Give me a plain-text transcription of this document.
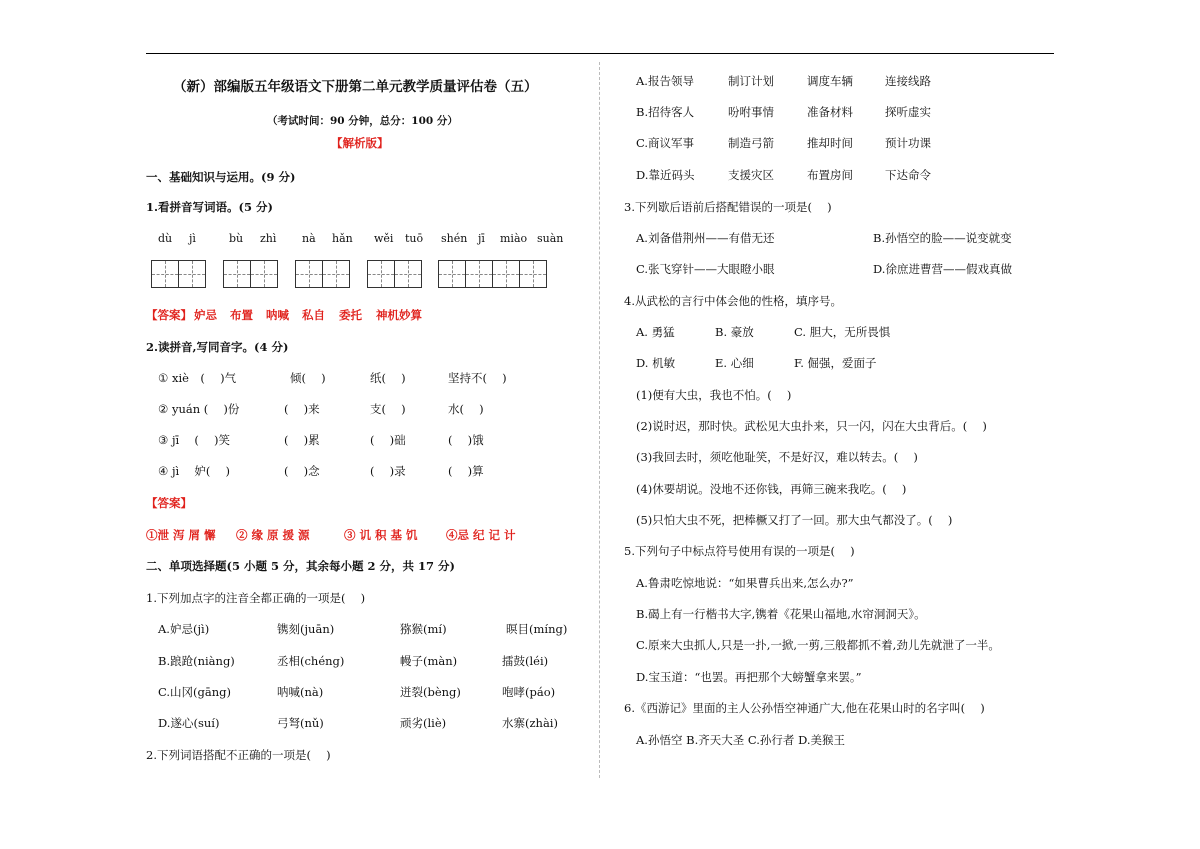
（新）部编版五年级语文下册第二单元教学质量评估卷（五）
（考试时间：90 分钟，总分：100 分）
【解析版】
一、基础知识与运用。(9 分)
1.看拼音写词语。(5 分)
dù jì	bù zhì nà hǎn wěi tuō shén jī miào suàn
【答案】 妒忌 布置 呐喊 私自 委托 神机妙算
2.读拼音,写同音字。(4 分)
① xiè　(　 )气	倾(　 )	纸(　 )	坚持不(　 )
② yuán (　 )份	(　 )来	支(　 )	水(　 )
③ jī　 (　 )笑	(　 )累	(　 )础	(　 )饿
④ jì　 妒(　 )	(　 )念	(　 )录	(　 )算
【答案】
①泄 泻 屑 懈 ② 缘 原 援 源	③ 讥 积 基 饥 ④忌 纪 记 计
二、单项选择题(5 小题 5 分，其余每小题 2 分，共 17 分)
1.下列加点字的注音全都正确的一项是(　 )
A.妒忌(jì)	镌刻(juān)	猕猴(mí)	暝目(míng)
B.踉跄(niàng)	丞相(chéng)	幔子(màn)	擂鼓(léi)
C.山冈(gāng)	呐喊(nà)	迸裂(bèng)	咆哮(páo)
D.遂心(suí)	弓弩(nǔ)	顽劣(liè)	水寨(zhài)
2.下列词语搭配不正确的一项是(　 )
A.报告领导	制订计划	调度车辆	连接线路
B.招待客人	吩咐事情	准备材料	探听虚实
C.商议军事	制造弓箭	推却时间	预计功课
D.靠近码头	支援灾区	布置房间	下达命令
3.下列歇后语前后搭配错误的一项是(　 )
A.刘备借荆州——有借无还	B.孙悟空的脸——说变就变
C.张飞穿针——大眼瞪小眼	D.徐庶进曹营——假戏真做
4.从武松的言行中体会他的性格，填序号。
A. 勇猛	B. 豪放	C. 胆大，无所畏惧
D. 机敏	E. 心细	F. 倔强，爱面子
(1)便有大虫，我也不怕。(　 )
(2)说时迟，那时快。武松见大虫扑来，只一闪，闪在大虫背后。(　 )
(3)我回去时，须吃他耻笑，不是好汉，难以转去。(　 )
(4)休要胡说。没地不还你钱，再筛三碗来我吃。(　 )
(5)只怕大虫不死，把棒橛又打了一回。那大虫气都没了。(　 )
5.下列句子中标点符号使用有误的一项是(　 )
A.鲁肃吃惊地说：“如果曹兵出来,怎么办?”
B.碣上有一行楷书大字,镌着《花果山福地,水帘洞洞天》。
C.原来大虫抓人,只是一扑,一掀,一剪,三般都抓不着,劲儿先就泄了一半。
D.宝玉道：“也罢。再把那个大螃蟹拿来罢。”
6.《西游记》里面的主人公孙悟空神通广大,他在花果山时的名字叫(　 )
A.孙悟空 B.齐天大圣 C.孙行者 D.美猴王
